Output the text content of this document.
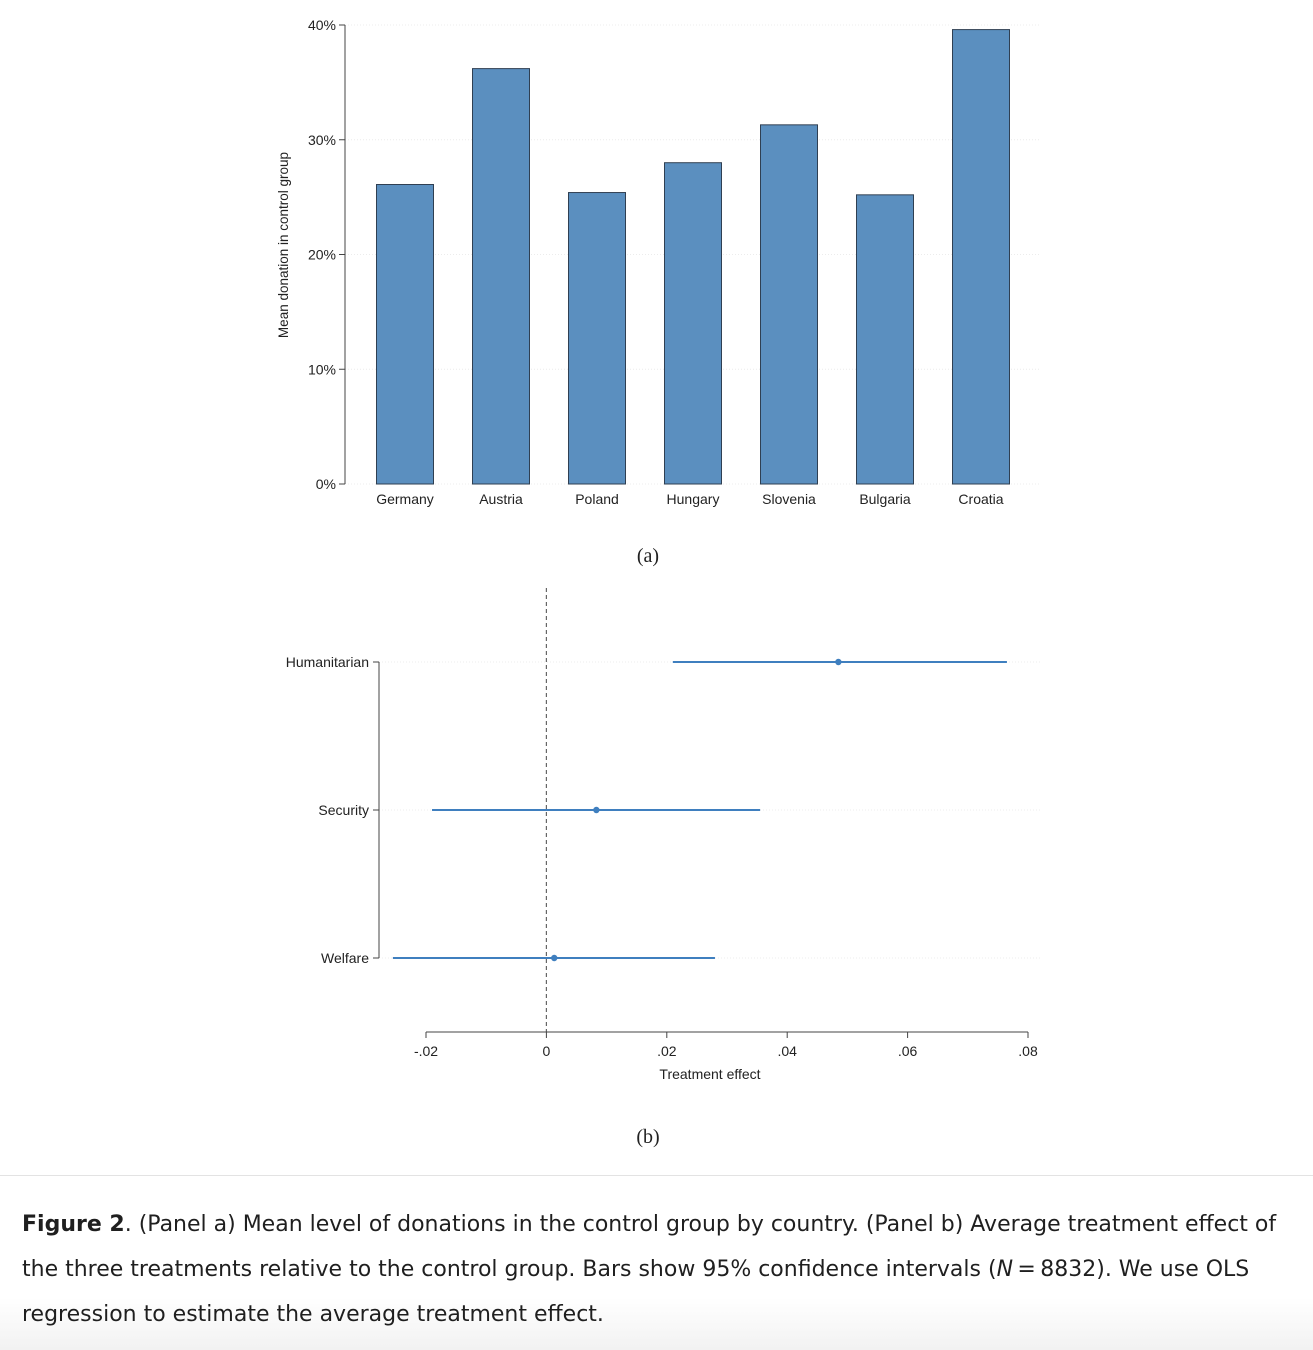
0%
10%
20%
30%
40%
Germany	Austria	Poland	Hungary	Slovenia	Bulgaria	Croatia
Mean donation in control group
(a)
Humanitarian
Security
Welfare
-.02	0	.02	.04	.06	.08
Treatment effect
(b)

Figure 2. (Panel a) Mean level of donations in the control group by country. (Panel b) Average treatment effect of the three treatments relative to the control group. Bars show 95% confidence intervals (N = 8832). We use OLS regression to estimate the average treatment effect.
